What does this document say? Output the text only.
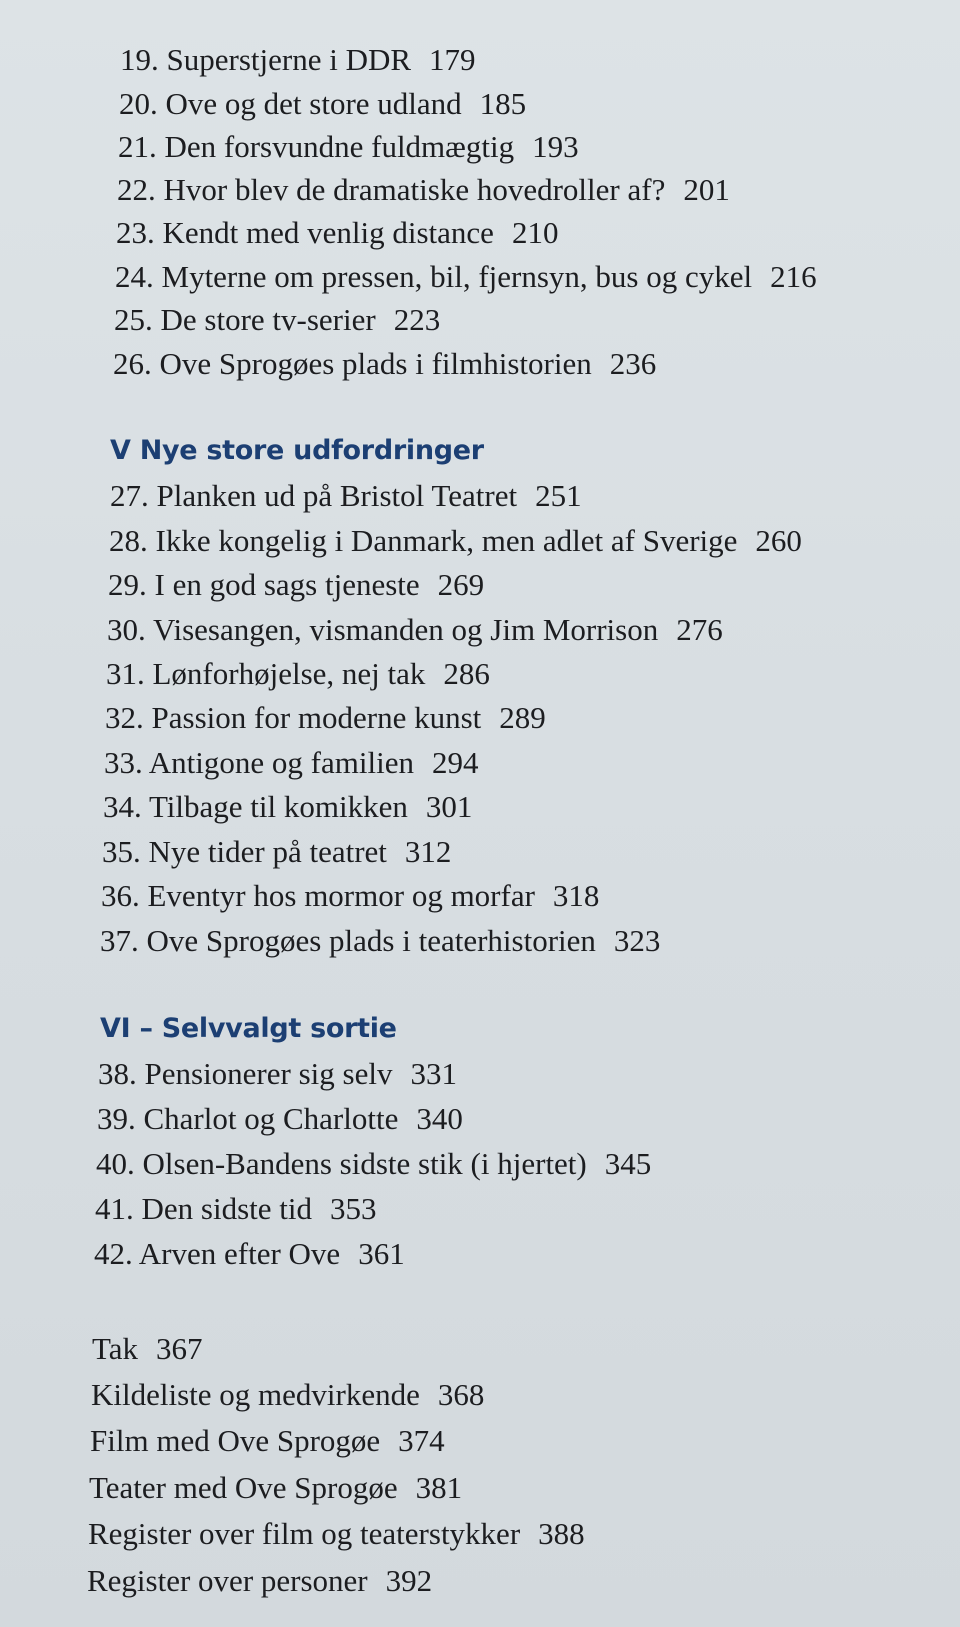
19. Superstjerne i DDR 179
20. Ove og det store udland 185
21. Den forsvundne fuldmægtig 193
22. Hvor blev de dramatiske hovedroller af? 201
23. Kendt med venlig distance 210
24. Myterne om pressen, bil, fjernsyn, bus og cykel 216
25. De store tv-serier 223
26. Ove Sprogøes plads i filmhistorien 236
V Nye store udfordringer
27. Planken ud på Bristol Teatret 251
28. Ikke kongelig i Danmark, men adlet af Sverige 260
29. I en god sags tjeneste 269
30. Visesangen, vismanden og Jim Morrison 276
31. Lønforhøjelse, nej tak 286
32. Passion for moderne kunst 289
33. Antigone og familien 294
34. Tilbage til komikken 301
35. Nye tider på teatret 312
36. Eventyr hos mormor og morfar 318
37. Ove Sprogøes plads i teaterhistorien 323
VI – Selvvalgt sortie
38. Pensionerer sig selv 331
39. Charlot og Charlotte 340
40. Olsen-Bandens sidste stik (i hjertet) 345
41. Den sidste tid 353
42. Arven efter Ove 361
Tak 367
Kildeliste og medvirkende 368
Film med Ove Sprogøe 374
Teater med Ove Sprogøe 381
Register over film og teaterstykker 388
Register over personer 392
